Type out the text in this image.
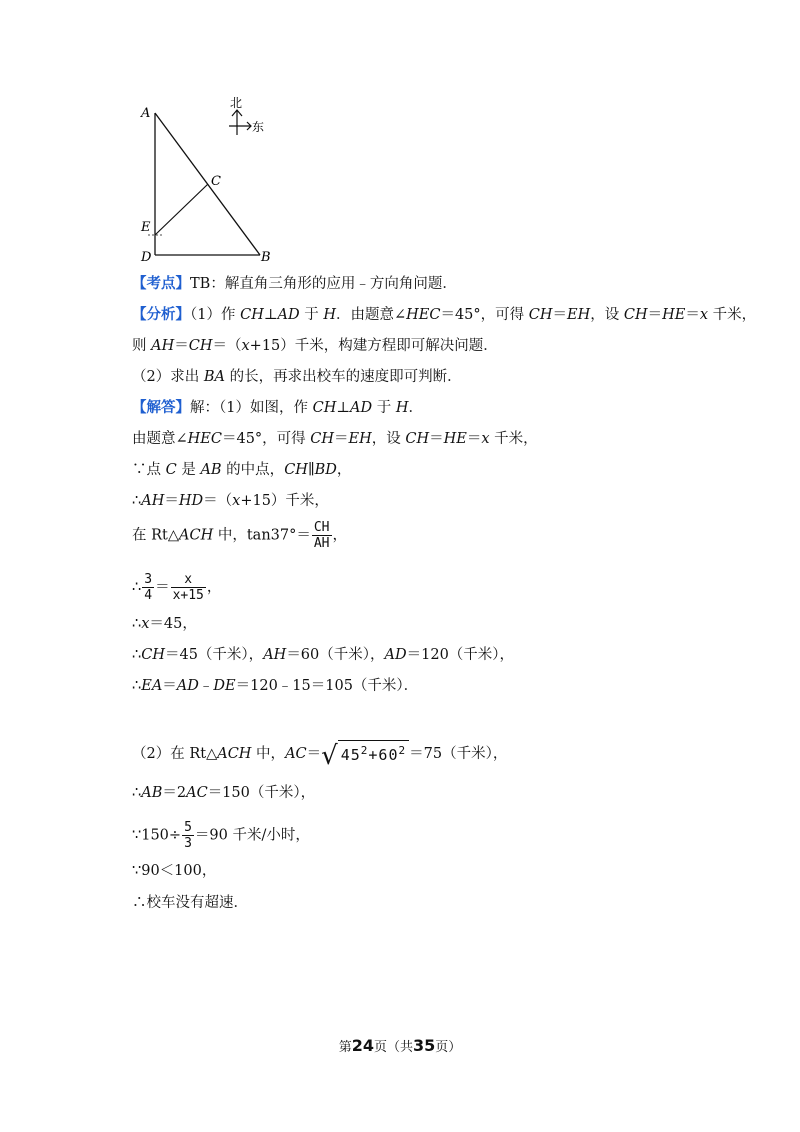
A
C
E
D	B
北
东
【考点】TB：解直角三角形的应用﹣方向角问题．
【分析】（1）作 CH⊥AD 于 H．由题意∠HEC＝45°，可得 CH＝EH，设 CH＝HE＝x 千米，
则 AH＝CH＝（x+15）千米，构建方程即可解决问题．
（2）求出 BA 的长，再求出校车的速度即可判断．
【解答】解：（1）如图，作 CH⊥AD 于 H．
由题意∠HEC＝45°，可得 CH＝EH，设 CH＝HE＝x 千米，
∵点 C 是 AB 的中点，CH∥BD，
∴AH＝HD＝（x+15）千米，
在 Rt△ACH 中，$\tan 37^\circ= \frac{CH}{AH}$ ，
∴ $\frac{3}{4} = \frac{x}{x+15}$ ，
∴x＝45，
∴CH＝45（千米），AH＝60（千米），AD＝120（千米），
∴EA＝AD﹣DE＝120﹣15＝105（千米）．
（2）在 Rt△ACH 中，AC＝√ $45^2+60^2 =75$（千米），
∴AB＝2AC＝150（千米），
∵150÷ $\frac{5}{3} =90$ 千米/小时，
∵90＜100，
∴校车没有超速．
第24页（共35页）
